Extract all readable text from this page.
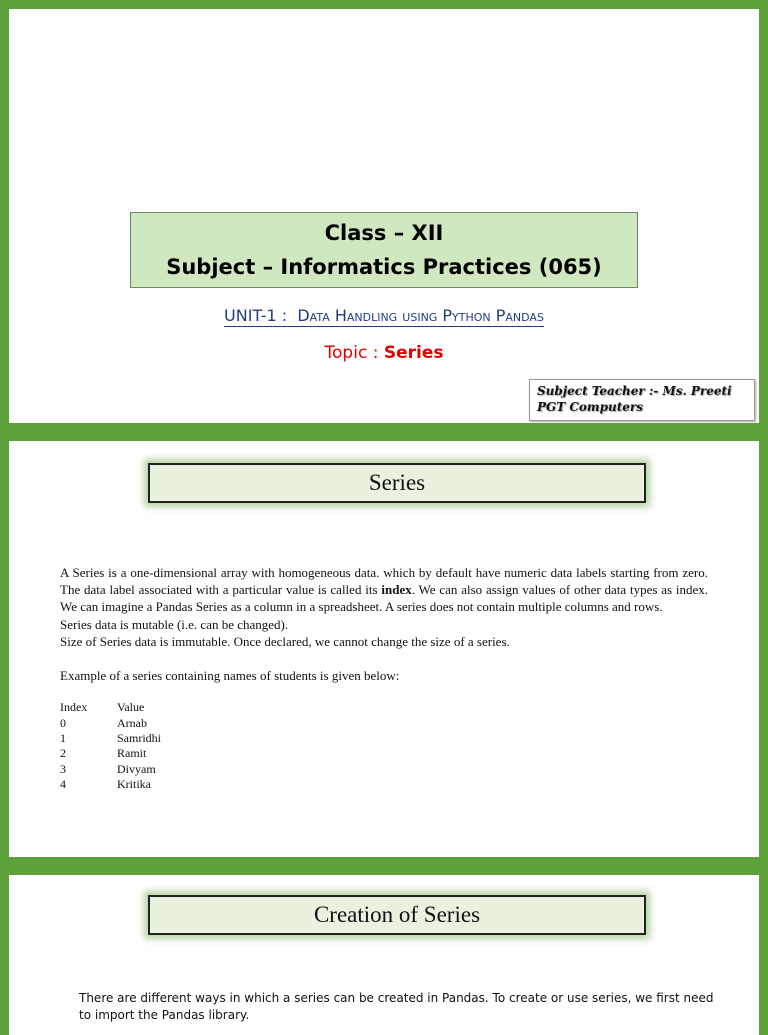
Class – XII
Subject – Informatics Practices (065)
UNIT-1 : Data Handling using Python Pandas
Topic : Series
Subject Teacher :- Ms. Preeti
PGT Computers
Series

A Series is a one-dimensional array with homogeneous data. which by default have numeric data labels starting from zero. The data label associated with a particular value is called its index. We can also assign values of other data types as index. We can imagine a Pandas Series as a column in a spreadsheet. A series does not contain multiple columns and rows.

Series data is mutable (i.e. can be changed).

Size of Series data is immutable. Once declared, we cannot change the size of a series.

Example of a series containing names of students is given below:

Index	Value
0	Arnab
1	Samridhi
2	Ramit
3	Divyam
4	Kritika
Creation of Series
There are different ways in which a series can be created in Pandas. To create or use series, we first need to import the Pandas library.
